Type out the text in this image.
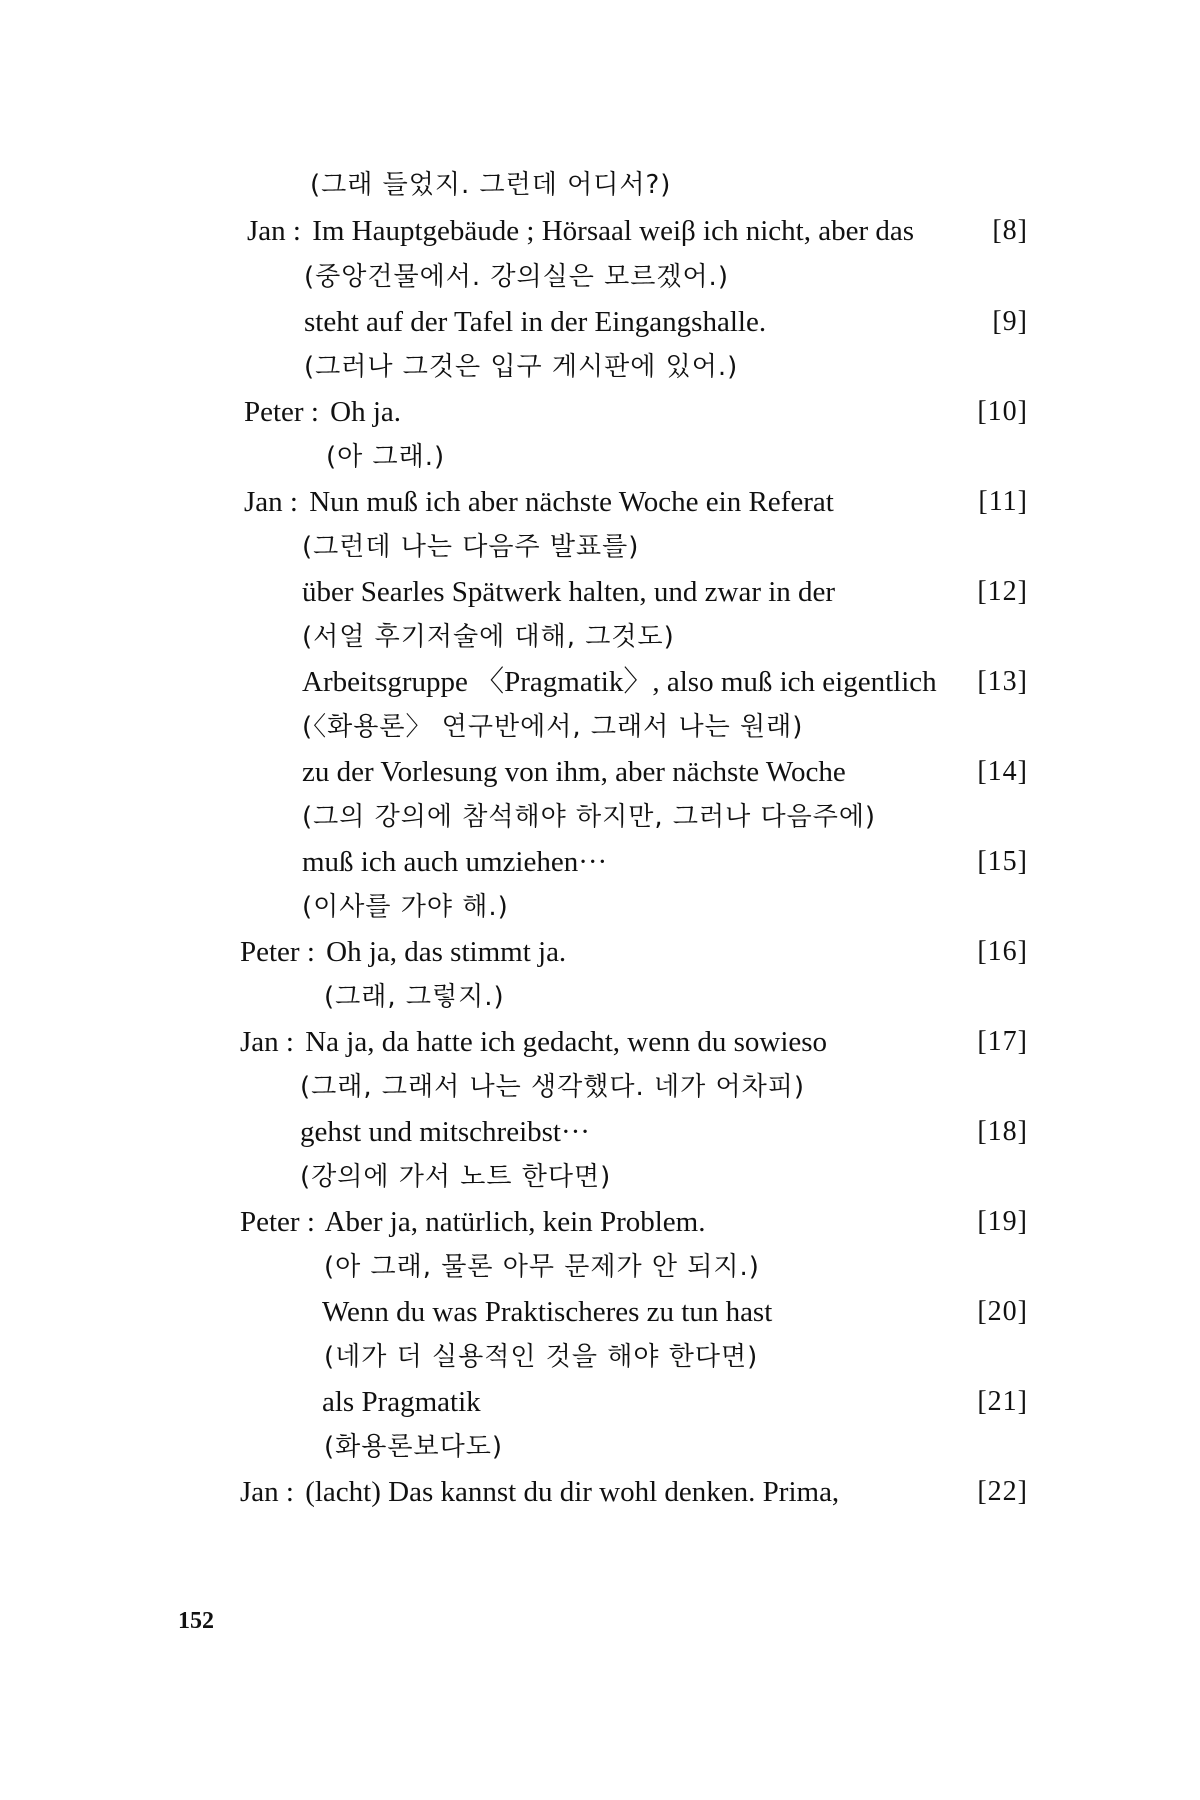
(그래 들었지. 그런데 어디서?)
Jan : Im Hauptgebäude ; Hörsaal weiβ ich nicht, aber das	[8]
(중앙건물에서. 강의실은 모르겠어.)
steht auf der Tafel in der Eingangshalle.	[9]
(그러나 그것은 입구 게시판에 있어.)
Peter : Oh ja.	[10]
(아 그래.)
Jan : Nun muß ich aber nächste Woche ein Referat	[11]
(그런데 나는 다음주 발표를)
über Searles Spätwerk halten, und zwar in der	[12]
(서얼 후기저술에 대해, 그것도)
Arbeitsgruppe 〈Pragmatik〉, also muß ich eigentlich	[13]
(〈화용론〉 연구반에서, 그래서 나는 원래)
zu der Vorlesung von ihm, aber nächste Woche	[14]
(그의 강의에 참석해야 하지만, 그러나 다음주에)
muß ich auch umziehen···	[15]
(이사를 가야 해.)
Peter : Oh ja, das stimmt ja.	[16]
(그래, 그렇지.)
Jan : Na ja, da hatte ich gedacht, wenn du sowieso	[17]
(그래, 그래서 나는 생각했다. 네가 어차피)
gehst und mitschreibst···	[18]
(강의에 가서 노트 한다면)
Peter : Aber ja, natürlich, kein Problem.	[19]
(아 그래, 물론 아무 문제가 안 되지.)
Wenn du was Praktischeres zu tun hast	[20]
(네가 더 실용적인 것을 해야 한다면)
als Pragmatik	[21]
(화용론보다도)
Jan : (lacht) Das kannst du dir wohl denken. Prima,	[22]
152
